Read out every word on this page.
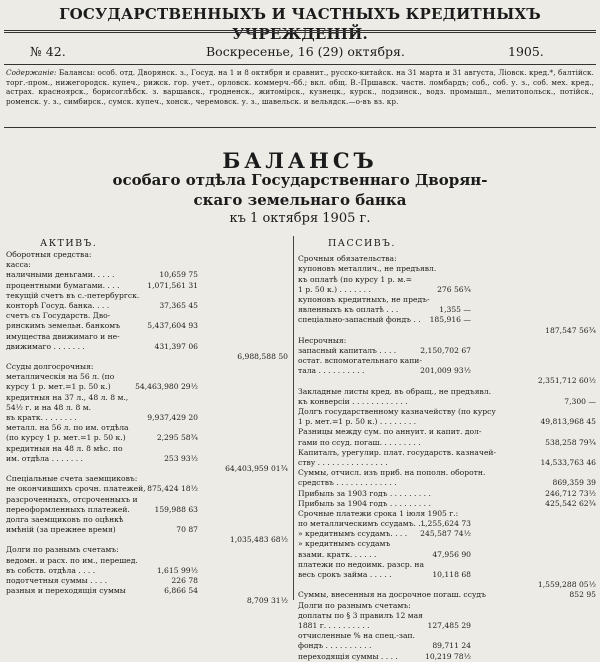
ГОСУДАРСТВЕННЫХЪ И ЧАСТНЫХЪ КРЕДИТНЫХЪ УЧРЕЖДЕНІЙ.
№ 42.	Воскресенье, 16 (29) октября.	1905.
Содержаніе: Балансы: особ. отд. Дворянск. з., Госуд. на 1 и 8 октября и сравнит., русско-китайск. на 31 марта и 31 августа, Лiовск. кред.*, балтійск. торг.-пром., нижегородск. купеч., рижск. гор. учет., орловск. коммерч.-бб.; вкл. общ. В.-Пршавск. частн. ломбардъ; соб., соб. у. з., соб. мех. кред., астрах. красноярск., борисоглѣбск. з. варшавск., гродненск., житомірск., кузнецк., курск., лодзинск., водз. промышл., мелитопольск., потійск., роменск. у. з., симбирск., сумск. купеч., хонск., черемовск. у. з., шавельск. и вельядск.—о-въ вз. кр.
БАЛАНСЪ
особаго отдѣла Государственнаго Дворян-
скаго земельнаго банка
къ 1 октября 1905 г.
АКТИВЪ.	ПАССИВЪ.
Оборотныя средства:
касса:
наличными деньгами. . . . .	10,659 75
процентными бумагами. . . .	1,071,561 31
текущій счетъ въ с.-петербургск.
конторѣ Госуд. банка. . . .	37,365 45
счетъ съ Государств. Дво-
рянскимъ земельн. банкомъ	5,437,604 93
имущества движимаго и не-
движимаго . . . . . . .	431,397 06
6,988,588 50
Ссуды долгосрочныя:
металлическія на 56 л. (по
курсу 1 р. мет.=1 р. 50 к.)	54,463,980 29½
кредитныя на 37 л., 48 л. 8 м.,
54½ г. и на 48 л. 8 м.
въ кратк. . . . . . . .	9,937,429 20
металл. на 56 л. по им. отдѣла
(по курсу 1 р. мет.=1 р. 50 к.)	2,295 58¾
кредитныя на 48 л. 8 мѣс. по
им. отдѣла . . . . . . .	253 93½
64,403,959 01¾
Спеціальные счета заемщиковъ:
не окончившихъ срочн. платежей, 875,424 18½
разсроченныхъ, отсроченныхъ и
переоформленныхъ платежей.	159,988 63
долга заемщиковъ по оцѣнкѣ
имѣній (за прежнее время)	70 87
1,035,483 68½
Долги по разнымъ счетамъ:
ведомн. и расх. по им., перешед.
въ собств. отдѣла . . . .	1,615 99½
подотчетныя суммы . . . .	226 78
разныя и переходящія суммы	6,866 54
8,709 31½
Срочныя обязательства:
купоновъ металлич., не предъявл.
къ оплатѣ (по курсу 1 р. м.=
1 р. 50 к.) . . . . . . .	276 56¾
купоновъ кредитныхъ, не предъ-
явленныхъ къ оплатѣ . . .	1,355 —
спеціально-запасный фондъ . . 185,916 —
187,547 56¾
Несрочныя:
запасный капиталъ . . . .	2,150,702 67
остат. вспомогательнаго капи-
тала . . . . . . . . . .	201,009 93½
2,351,712 60½
Закладные листы кред. въ обращ., не предъявл.
къ конверсіи . . . . . . . . . . . .	7,300 —
Долгъ государственному казначейству (по курсу
1 р. мет.=1 р. 50 к.) . . . . . . . .	49,813,968 45
Разницы между сум. по аннуит. и капит. дол-
гами по ссуд. погаш. . . . . . . . .	538,258 79¾
Капиталъ, урегулир. плат. государств. казначей-
ству . . . . . . . . . . . . . . .	14,533,763 46
Суммы, отчисл. изъ приб. на пополн. оборотн.
средствъ . . . . . . . . . . . . .	869,359 39
Прибыль за 1903 годъ . . . . . . . . .	246,712 73½
Прибыль за 1904 годъ . . . . . . . . .	425,542 62¾
Срочные платежи срока 1 іюля 1905 г.:
по металлическимъ ссудамъ. . .
1,255,624 73
» кредитнымъ ссудамъ. . . . 245,587 74½
» кредитнымъ ссудамъ
взами. кратк. . . . . .	47,956 90
платежи по недоимк. разср. на
весь срокъ займа . . . . .	10,118 68
1,559,288 05½
Суммы, внесенныя на досрочное погаш. ссудъ	852 95
Долги по разнымъ счетамъ:
доплаты по § 3 правилъ 12 мая
1881 г. . . . . . . . . .	127,485 29
отчисленные % на спец.-зап.
фондъ . . . . . . . . . .	89,711 24
переходящія суммы . . . .	10,219 78½
